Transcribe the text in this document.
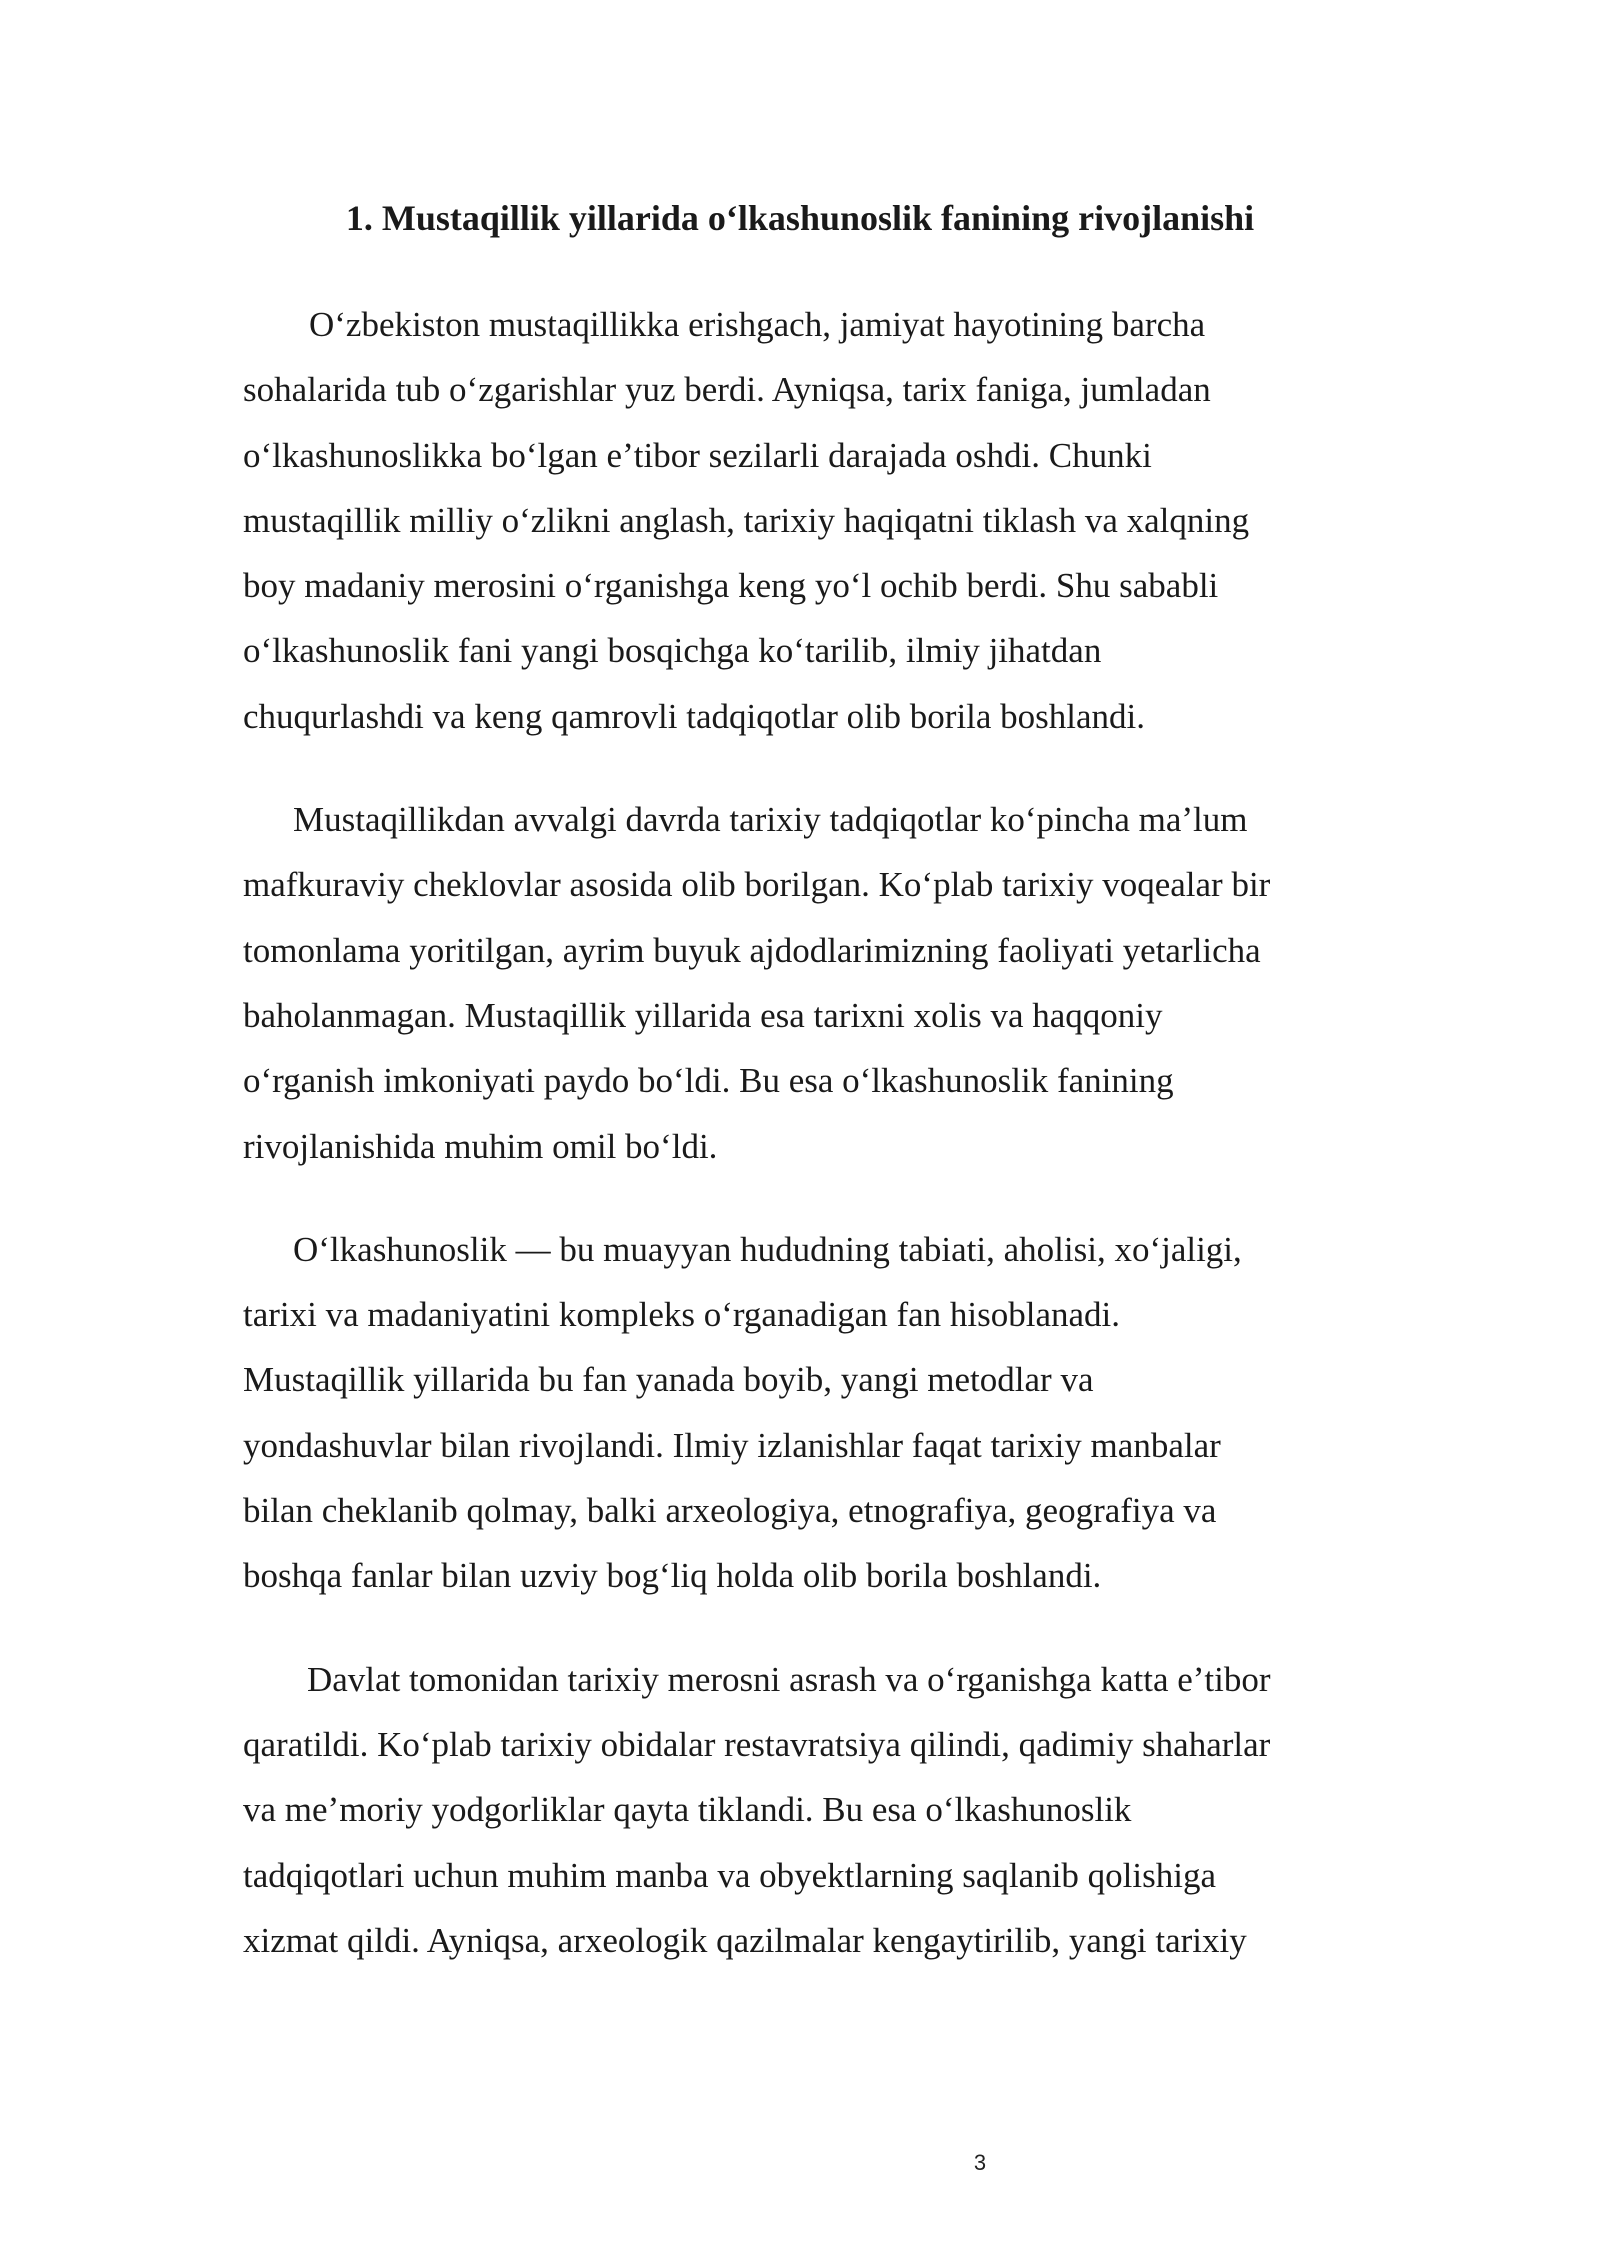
1. Mustaqillik yillarida oʻlkashunoslik fanining rivojlanishi

Oʻzbekiston mustaqillikka erishgach, jamiyat hayotining barcha
sohalarida tub oʻzgarishlar yuz berdi. Ayniqsa, tarix faniga, jumladan
oʻlkashunoslikka boʻlgan eʼtibor sezilarli darajada oshdi. Chunki
mustaqillik milliy oʻzlikni anglash, tarixiy haqiqatni tiklash va xalqning
boy madaniy merosini oʻrganishga keng yoʻl ochib berdi. Shu sababli
oʻlkashunoslik fani yangi bosqichga koʻtarilib, ilmiy jihatdan
chuqurlashdi va keng qamrovli tadqiqotlar olib borila boshlandi.

Mustaqillikdan avvalgi davrda tarixiy tadqiqotlar koʻpincha maʼlum
mafkuraviy cheklovlar asosida olib borilgan. Koʻplab tarixiy voqealar bir
tomonlama yoritilgan, ayrim buyuk ajdodlarimizning faoliyati yetarlicha
baholanmagan. Mustaqillik yillarida esa tarixni xolis va haqqoniy
oʻrganish imkoniyati paydo boʻldi. Bu esa oʻlkashunoslik fanining
rivojlanishida muhim omil boʻldi.

Oʻlkashunoslik — bu muayyan hududning tabiati, aholisi, xoʻjaligi,
tarixi va madaniyatini kompleks oʻrganadigan fan hisoblanadi.
Mustaqillik yillarida bu fan yanada boyib, yangi metodlar va
yondashuvlar bilan rivojlandi. Ilmiy izlanishlar faqat tarixiy manbalar
bilan cheklanib qolmay, balki arxeologiya, etnografiya, geografiya va
boshqa fanlar bilan uzviy bogʻliq holda olib borila boshlandi.

Davlat tomonidan tarixiy merosni asrash va oʻrganishga katta eʼtibor
qaratildi. Koʻplab tarixiy obidalar restavratsiya qilindi, qadimiy shaharlar
va meʼmoriy yodgorliklar qayta tiklandi. Bu esa oʻlkashunoslik
tadqiqotlari uchun muhim manba va obyektlarning saqlanib qolishiga
xizmat qildi. Ayniqsa, arxeologik qazilmalar kengaytirilib, yangi tarixiy

3
